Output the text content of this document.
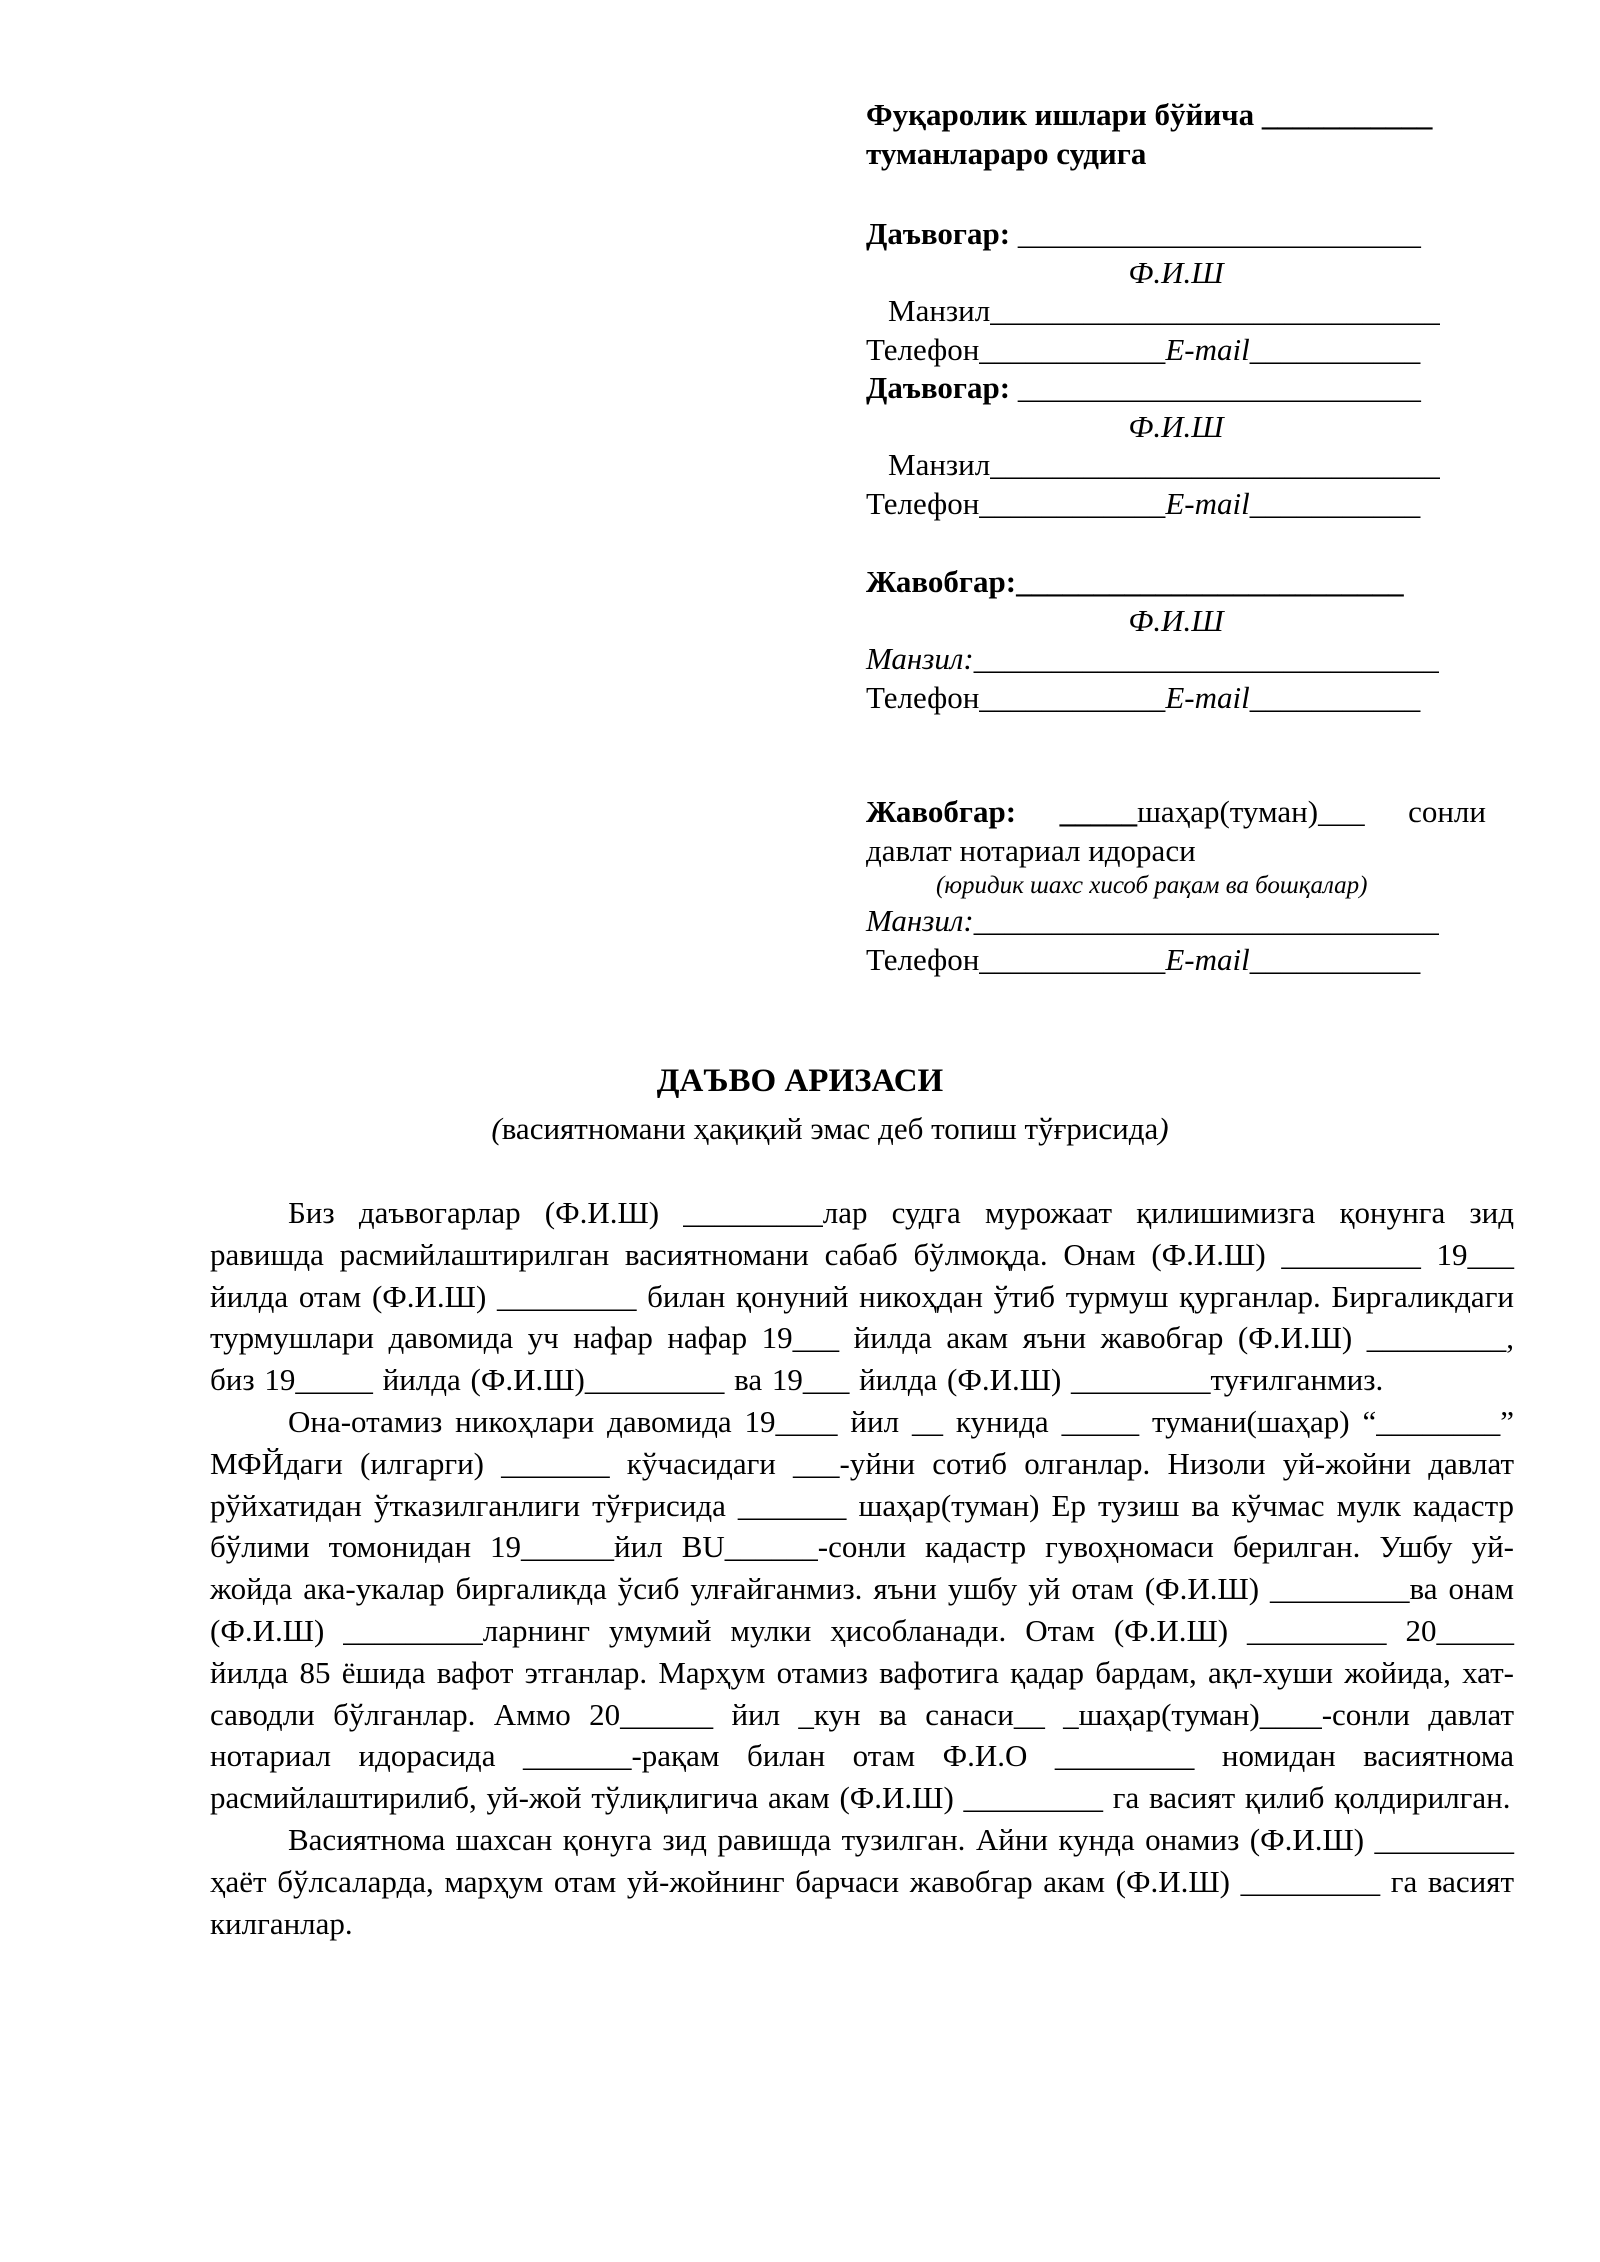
Фуқаролик ишлари бўйича ___________

туманлараро судига

Даъвогар: __________________________

Ф.И.Ш

Манзил_____________________________

Телефон____________E-mail___________

Даъвогар: __________________________

Ф.И.Ш

Манзил_____________________________

Телефон____________E-mail___________

Жавобгар:_________________________

Ф.И.Ш

Манзил:______________________________

Телефон____________E-mail___________

Жавобгар: _____шаҳар(туман)___ сонли

давлат нотариал идораси

(юридик шахс хисоб рақам ва бошқалар)

Манзил:______________________________

Телефон____________E-mail___________

ДАЪВО АРИЗАСИ

(васиятномани ҳақиқий эмас деб топиш тўғрисида)

Биз даъвогарлар (Ф.И.Ш) _________лар судга мурожаат қилишимизга қонунга зид равишда расмийлаштирилган васиятномани сабаб бўлмоқда. Онам (Ф.И.Ш) _________ 19___ йилда отам (Ф.И.Ш) _________ билан қонуний никоҳдан ўтиб турмуш қурганлар. Биргаликдаги турмушлари давомида уч нафар нафар 19___ йилда акам яъни жавобгар (Ф.И.Ш) _________, биз 19_____ йилда (Ф.И.Ш)_________ ва 19___ йилда (Ф.И.Ш) _________туғилганмиз.

Она-отамиз никоҳлари давомида 19____ йил __ кунида _____ тумани(шаҳар) “________” МФЙдаги (илгарги) _______ кўчасидаги ___-уйни сотиб олганлар. Низоли уй-жойни давлат рўйхатидан ўтказилганлиги тўғрисида _______ шаҳар(туман) Ер тузиш ва кўчмас мулк кадастр бўлими томонидан 19______йил BU______-сонли кадастр гувоҳномаси берилган. Ушбу уй-жойда ака-укалар биргаликда ўсиб улғайганмиз. яъни ушбу уй отам (Ф.И.Ш) _________ва онам (Ф.И.Ш) _________ларнинг умумий мулки ҳисобланади. Отам (Ф.И.Ш) _________ 20_____ йилда 85 ёшида вафот этганлар. Марҳум отамиз вафотига қадар бардам, ақл-хуши жойида, хат-саводли бўлганлар. Аммо 20______ йил _кун ва санаси__ _шаҳар(туман)____-сонли давлат нотариал идорасида _______-рақам билан отам Ф.И.О _________ номидан васиятнома расмийлаштирилиб, уй-жой тўлиқлигича акам (Ф.И.Ш) _________ га васият қилиб қолдирилган.

Васиятнома шахсан қонуга зид равишда тузилган. Айни кунда онамиз (Ф.И.Ш) _________ ҳаёт бўлсаларда, марҳум отам уй-жойнинг барчаси жавобгар акам (Ф.И.Ш) _________ га васият килганлар.
